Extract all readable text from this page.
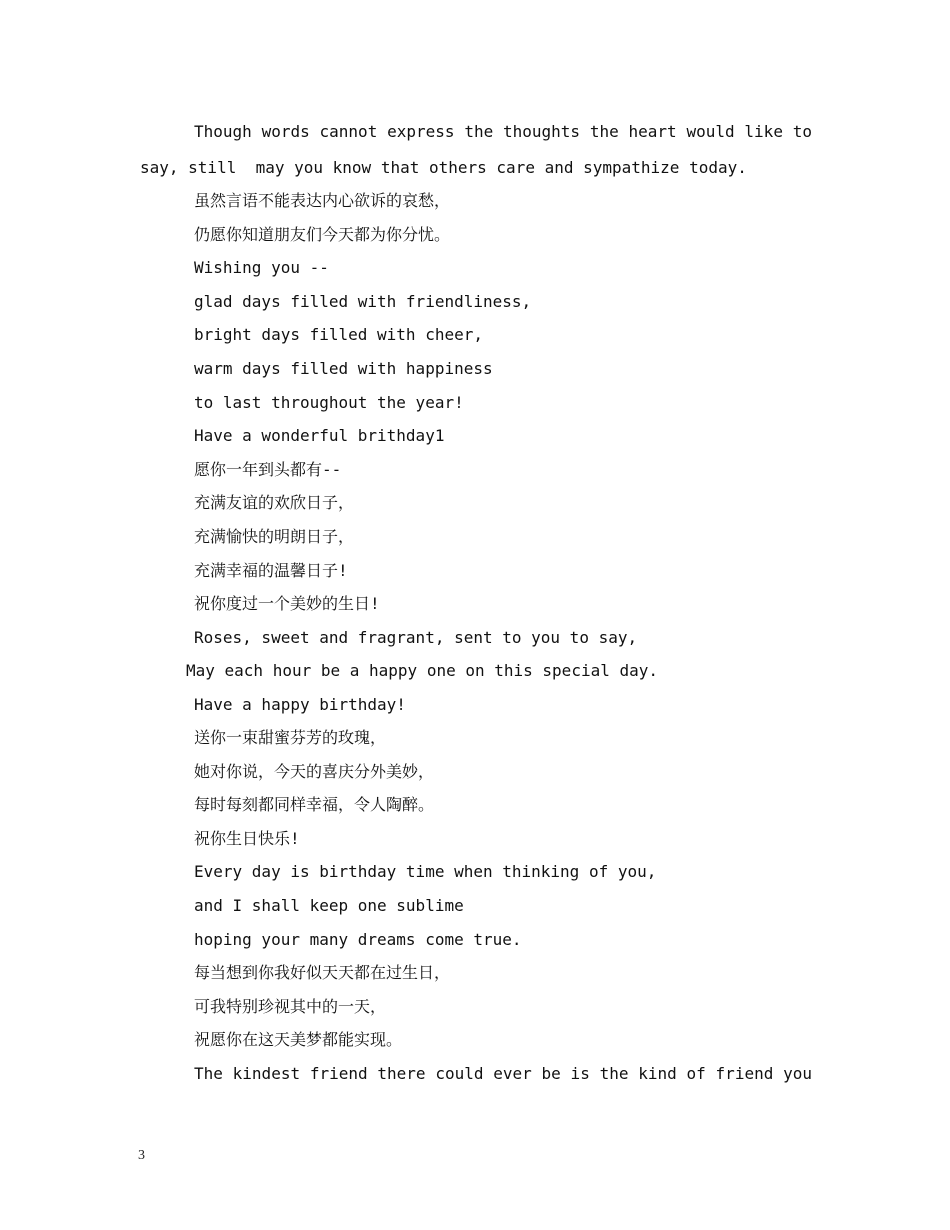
Though words cannot express the thoughts the heart would like to
say, still  may you know that others care and sympathize today.
虽然言语不能表达内心欲诉的哀愁，
仍愿你知道朋友们今天都为你分忧。
Wishing you --
glad days filled with friendliness,
bright days filled with cheer,
warm days filled with happiness
to last throughout the year!
Have a wonderful brithday1
愿你一年到头都有--
充满友谊的欢欣日子，
充满愉快的明朗日子，
充满幸福的温馨日子!
祝你度过一个美妙的生日!
Roses, sweet and fragrant, sent to you to say,
May each hour be a happy one on this special day.
Have a happy birthday!
送你一束甜蜜芬芳的玫瑰，
她对你说，今天的喜庆分外美妙，
每时每刻都同样幸福，令人陶醉。
祝你生日快乐!
Every day is birthday time when thinking of you,
and I shall keep one sublime
hoping your many dreams come true.
每当想到你我好似天天都在过生日，
可我特别珍视其中的一天，
祝愿你在这天美梦都能实现。
The kindest friend there could ever be is the kind of friend you
3
